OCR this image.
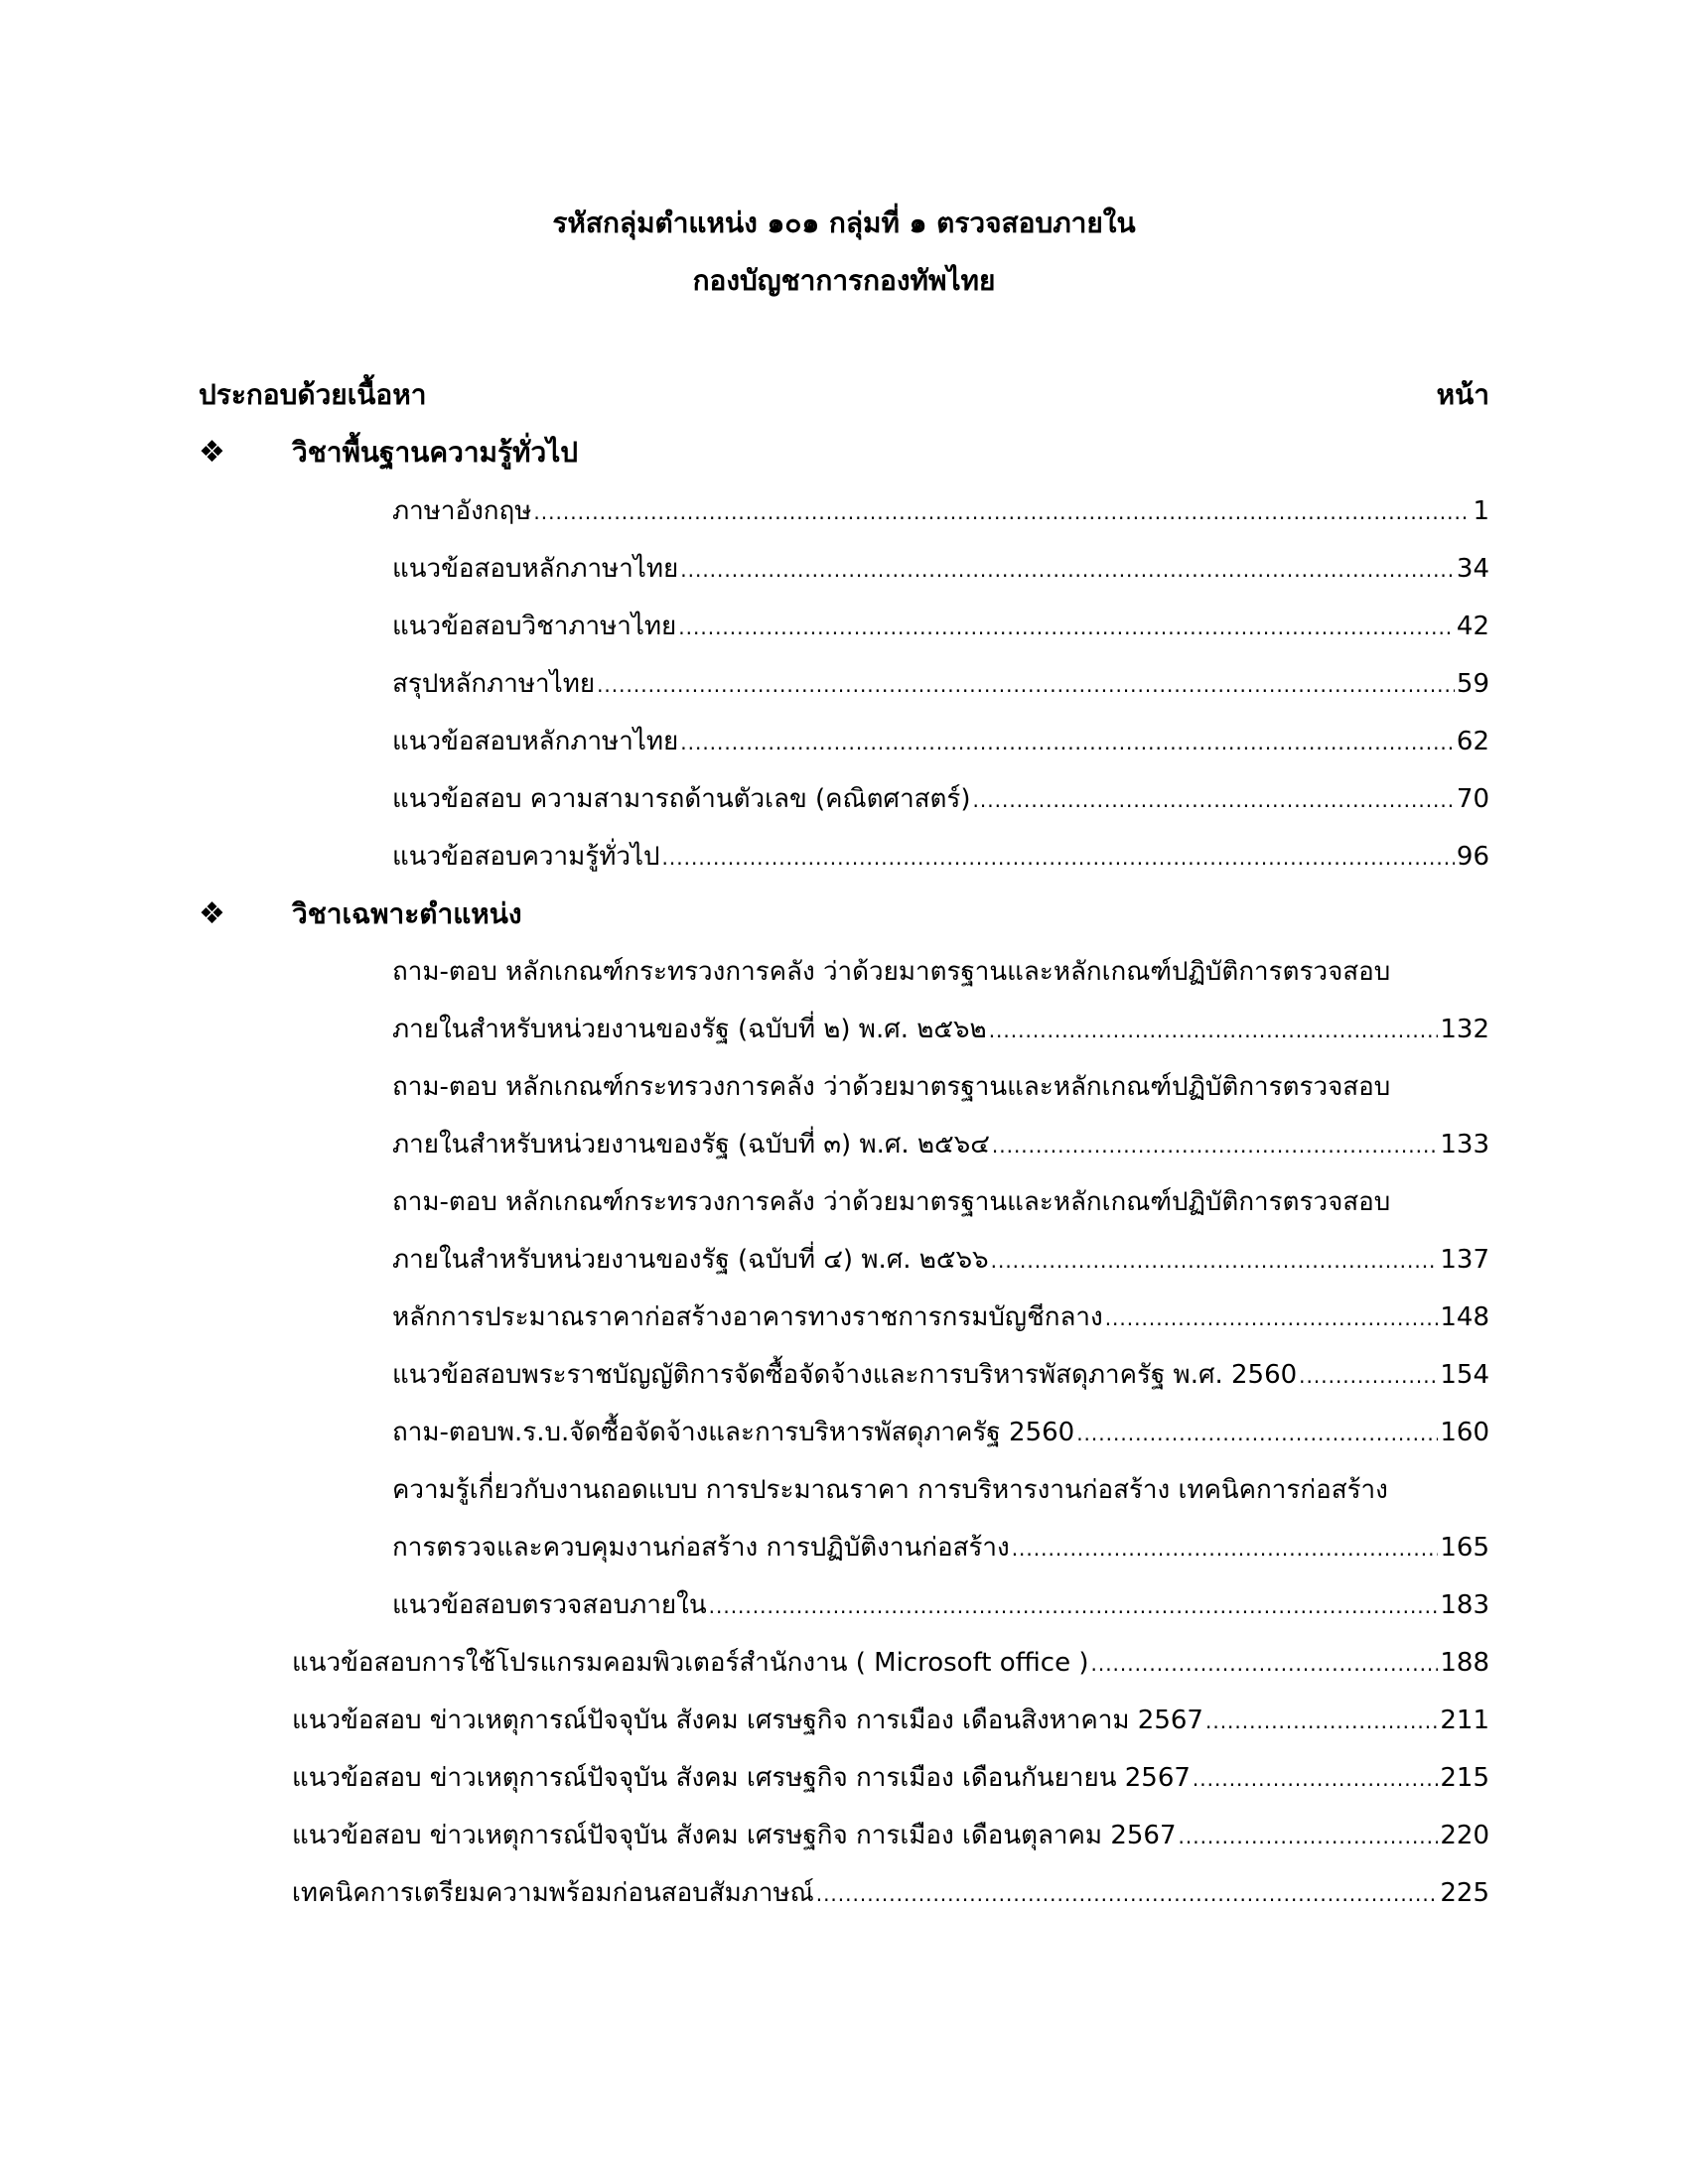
รหัสกลุ่มตำแหน่ง ๑๐๑ กลุ่มที่ ๑ ตรวจสอบภายใน
กองบัญชาการกองทัพไทย
ประกอบด้วยเนื้อหา	หน้า
❖	วิชาพื้นฐานความรู้ทั่วไป
ภาษาอังกฤษ .....	1
แนวข้อสอบหลักภาษาไทย .....	34
แนวข้อสอบวิชาภาษาไทย .....	42
สรุปหลักภาษาไทย .....	59
แนวข้อสอบหลักภาษาไทย .....	62
แนวข้อสอบ ความสามารถด้านตัวเลข (คณิตศาสตร์) .....	70
แนวข้อสอบความรู้ทั่วไป .....	96
❖	วิชาเฉพาะตำแหน่ง
ถาม-ตอบ หลักเกณฑ์กระทรวงการคลัง ว่าด้วยมาตรฐานและหลักเกณฑ์ปฏิบัติการตรวจสอบ
ภายในสำหรับหน่วยงานของรัฐ (ฉบับที่ ๒) พ.ศ. ๒๕๖๒ .....	132
ถาม-ตอบ หลักเกณฑ์กระทรวงการคลัง ว่าด้วยมาตรฐานและหลักเกณฑ์ปฏิบัติการตรวจสอบ
ภายในสำหรับหน่วยงานของรัฐ (ฉบับที่ ๓) พ.ศ. ๒๕๖๔ .....	133
ถาม-ตอบ หลักเกณฑ์กระทรวงการคลัง ว่าด้วยมาตรฐานและหลักเกณฑ์ปฏิบัติการตรวจสอบ
ภายในสำหรับหน่วยงานของรัฐ (ฉบับที่ ๔) พ.ศ. ๒๕๖๖ .....	137
หลักการประมาณราคาก่อสร้างอาคารทางราชการกรมบัญชีกลาง .....	148
แนวข้อสอบพระราชบัญญัติการจัดซื้อจัดจ้างและการบริหารพัสดุภาครัฐ พ.ศ. 2560 .....	154
ถาม-ตอบพ.ร.บ.จัดซื้อจัดจ้างและการบริหารพัสดุภาครัฐ 2560 .....	160
ความรู้เกี่ยวกับงานถอดแบบ การประมาณราคา การบริหารงานก่อสร้าง เทคนิคการก่อสร้าง
การตรวจและควบคุมงานก่อสร้าง การปฏิบัติงานก่อสร้าง .....	165
แนวข้อสอบตรวจสอบภายใน .....	183
แนวข้อสอบการใช้โปรแกรมคอมพิวเตอร์สำนักงาน ( Microsoft office ) .....	188
แนวข้อสอบ ข่าวเหตุการณ์ปัจจุบัน สังคม เศรษฐกิจ การเมือง เดือนสิงหาคาม 2567 .....	211
แนวข้อสอบ ข่าวเหตุการณ์ปัจจุบัน สังคม เศรษฐกิจ การเมือง เดือนกันยายน 2567 .....	215
แนวข้อสอบ ข่าวเหตุการณ์ปัจจุบัน สังคม เศรษฐกิจ การเมือง เดือนตุลาคม 2567 .....	220
เทคนิคการเตรียมความพร้อมก่อนสอบสัมภาษณ์ .....	225
